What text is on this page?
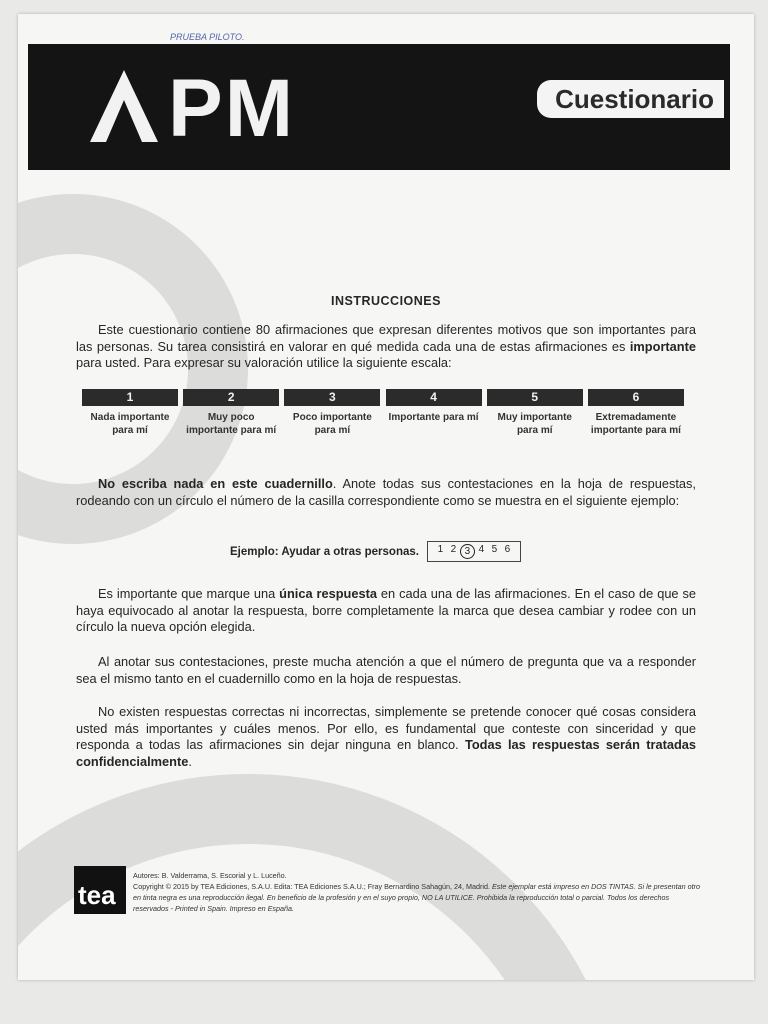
PRUEBA PILOTO.
PM	Cuestionario
INSTRUCCIONES
Este cuestionario contiene 80 afirmaciones que expresan diferentes motivos que son importantes para las personas. Su tarea consistirá en valorar en qué medida cada una de estas afirmaciones es importante para usted. Para expresar su valoración utilice la siguiente escala:
1
Nada importante para mí
2
Muy poco importante para mí
3
Poco importante para mí
4
Importante para mí
5
Muy importante para mí
6
Extremadamente importante para mí
No escriba nada en este cuadernillo. Anote todas sus contestaciones en la hoja de respuestas, rodeando con un círculo el número de la casilla correspondiente como se muestra en el siguiente ejemplo:
Ejemplo: Ayudar a otras personas.	1 2 3 4 5 6
Es importante que marque una única respuesta en cada una de las afirmaciones. En el caso de que se haya equivocado al anotar la respuesta, borre completamente la marca que desea cambiar y rodee con un círculo la nueva opción elegida.
Al anotar sus contestaciones, preste mucha atención a que el número de pregunta que va a responder sea el mismo tanto en el cuadernillo como en la hoja de respuestas.
No existen respuestas correctas ni incorrectas, simplemente se pretende conocer qué cosas considera usted más importantes y cuáles menos. Por ello, es fundamental que conteste con sinceridad y que responda a todas las afirmaciones sin dejar ninguna en blanco. Todas las respuestas serán tratadas confidencialmente.
tea
Autores: B. Valderrama, S. Escorial y L. Luceño.
Copyright © 2015 by TEA Ediciones, S.A.U. Edita: TEA Ediciones S.A.U.; Fray Bernardino Sahagún, 24, Madrid. Este ejemplar está impreso en DOS TINTAS. Si le presentan otro en tinta negra es una reproducción ilegal. En beneficio de la profesión y en el suyo propio, NO LA UTILICE. Prohibida la reproducción total o parcial. Todos los derechos reservados - Printed in Spain. Impreso en España.
